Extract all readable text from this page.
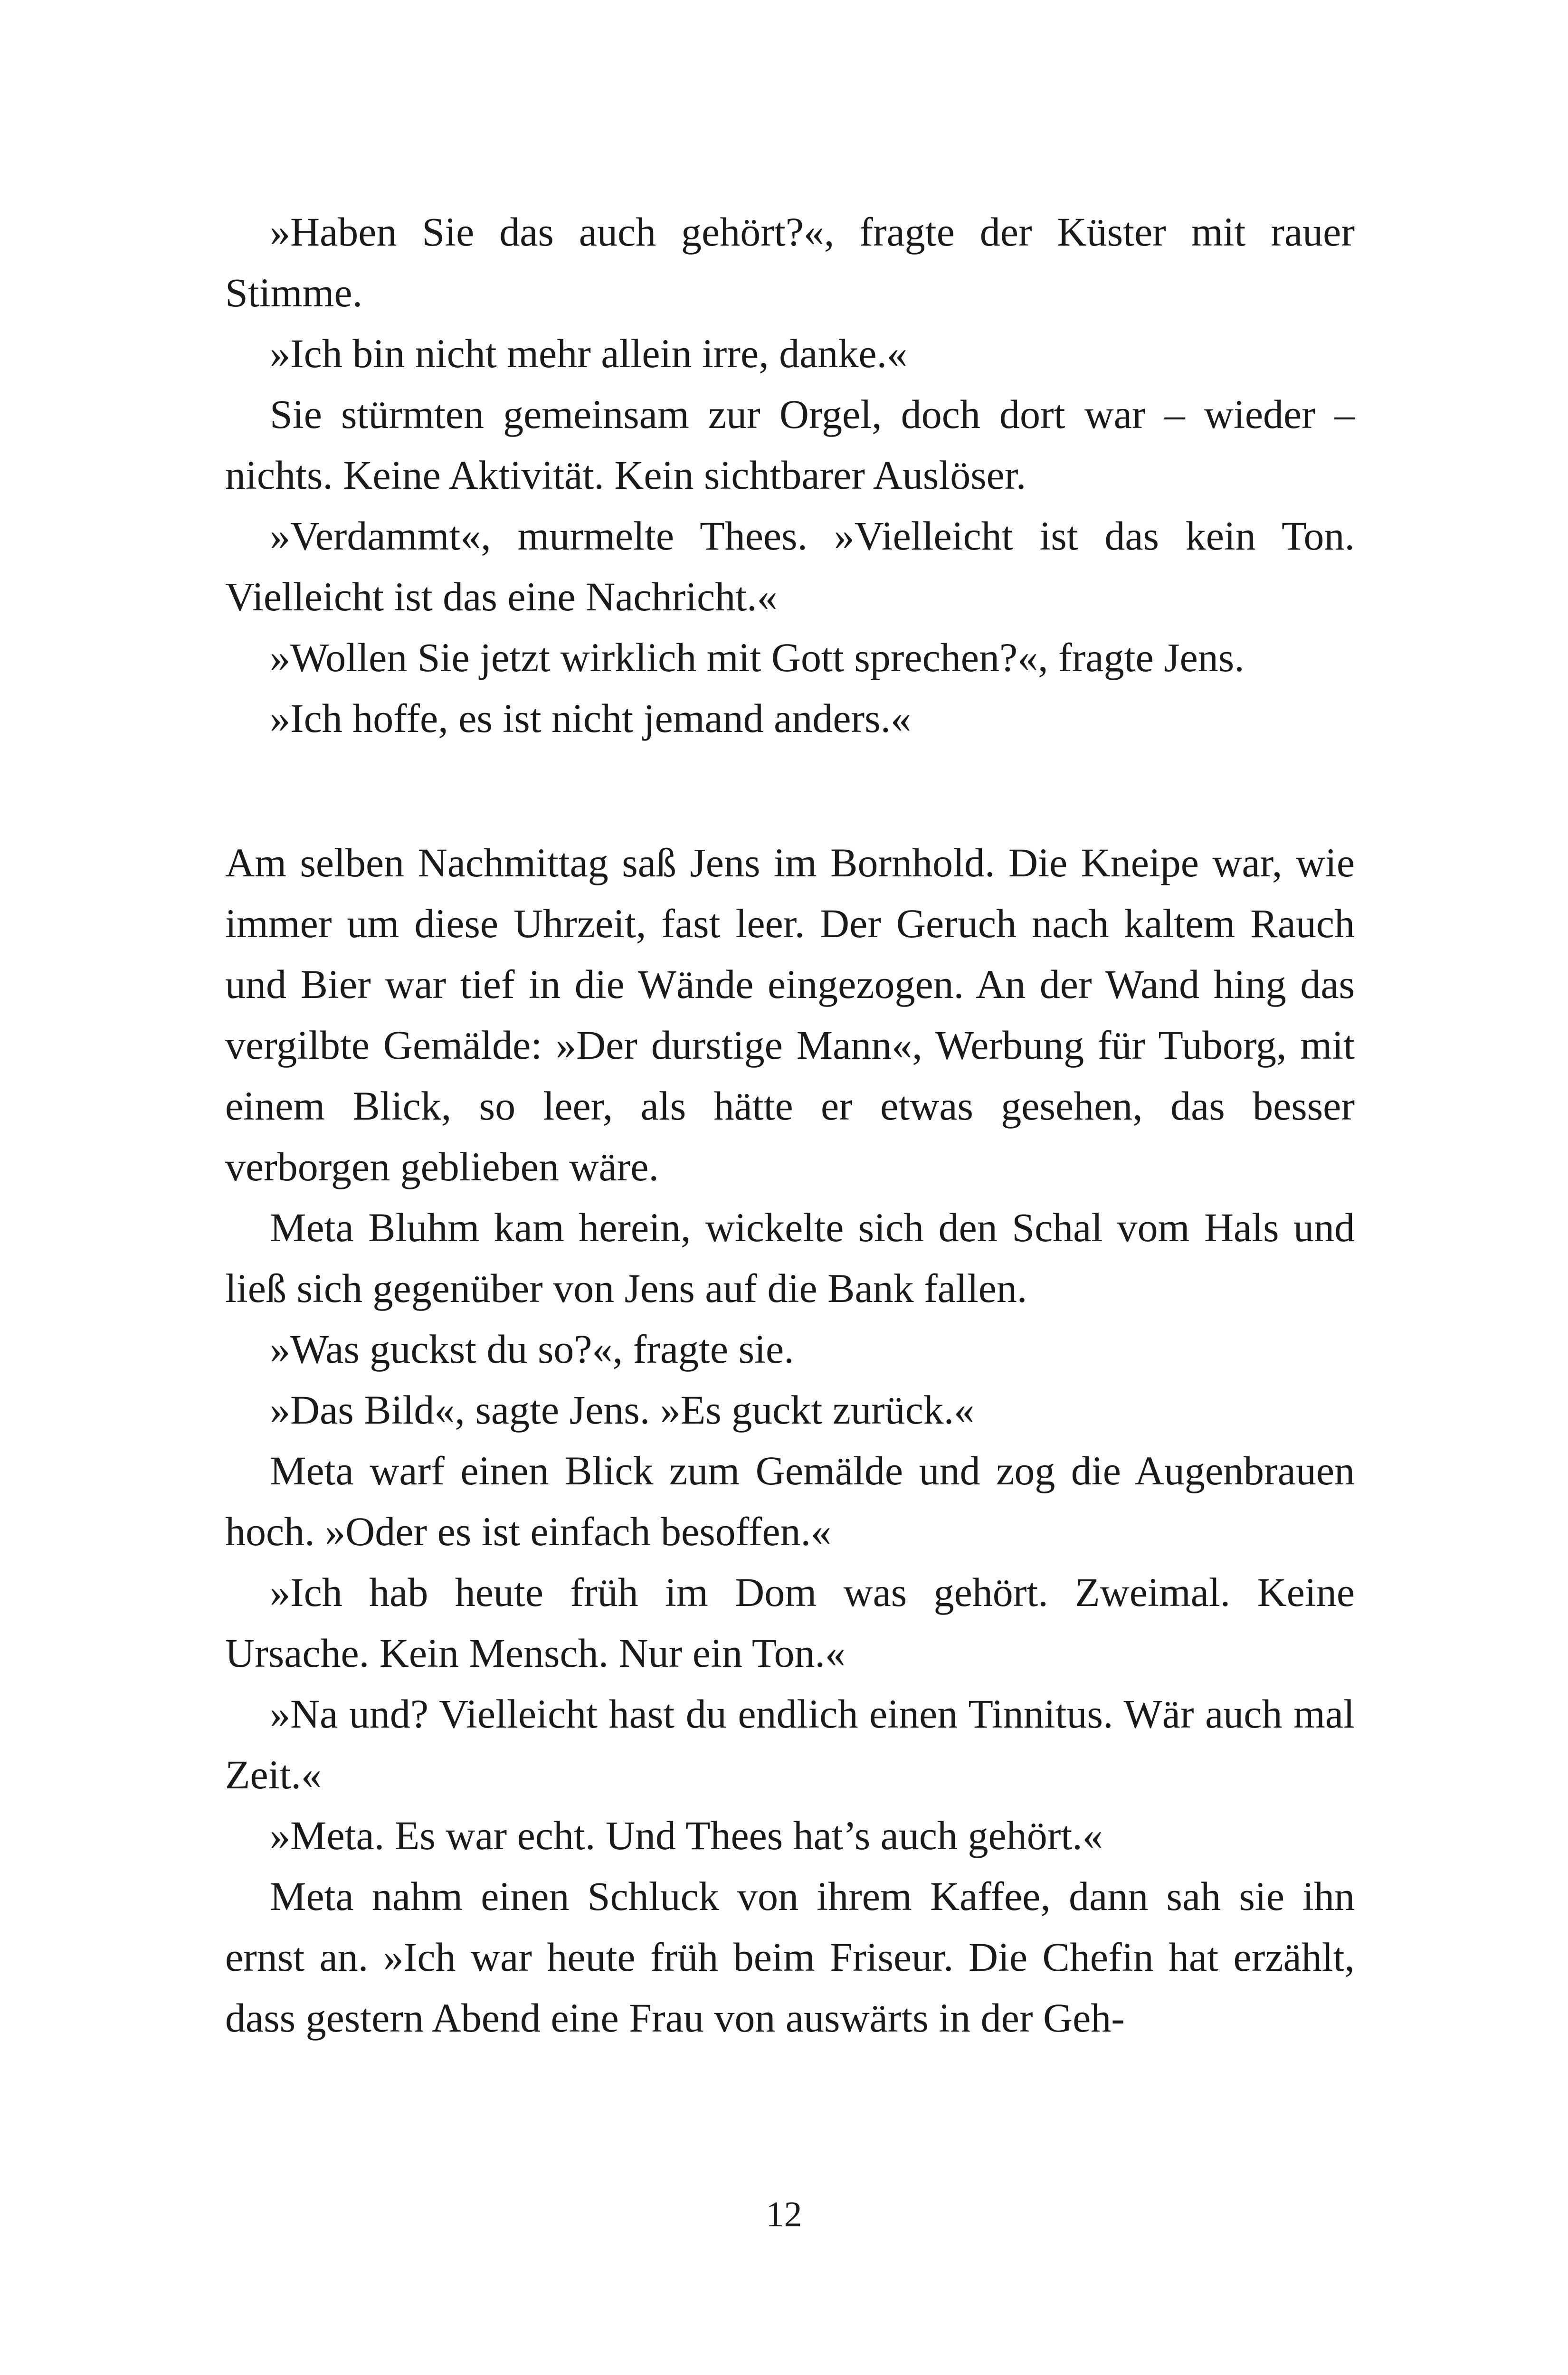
»Haben Sie das auch gehört?«, fragte der Küster mit rauer Stimme.

»Ich bin nicht mehr allein irre, danke.«

Sie stürmten gemeinsam zur Orgel, doch dort war – wieder – nichts. Keine Aktivität. Kein sichtbarer Auslöser.

»Verdammt«, murmelte Thees. »Vielleicht ist das kein Ton. Vielleicht ist das eine Nachricht.«

»Wollen Sie jetzt wirklich mit Gott sprechen?«, fragte Jens.

»Ich hoffe, es ist nicht jemand anders.«

Am selben Nachmittag saß Jens im Bornhold. Die Kneipe war, wie immer um diese Uhrzeit, fast leer. Der Geruch nach kaltem Rauch und Bier war tief in die Wände eingezogen. An der Wand hing das vergilbte Gemälde: »Der durstige Mann«, Werbung für Tuborg, mit einem Blick, so leer, als hätte er etwas gesehen, das besser verborgen geblieben wäre.

Meta Bluhm kam herein, wickelte sich den Schal vom Hals und ließ sich gegenüber von Jens auf die Bank fallen.

»Was guckst du so?«, fragte sie.

»Das Bild«, sagte Jens. »Es guckt zurück.«

Meta warf einen Blick zum Gemälde und zog die Augenbrauen hoch. »Oder es ist einfach besoffen.«

»Ich hab heute früh im Dom was gehört. Zweimal. Keine Ursache. Kein Mensch. Nur ein Ton.«

»Na und? Vielleicht hast du endlich einen Tinnitus. Wär auch mal Zeit.«

»Meta. Es war echt. Und Thees hat’s auch gehört.«

Meta nahm einen Schluck von ihrem Kaffee, dann sah sie ihn ernst an. »Ich war heute früh beim Friseur. Die Chefin hat erzählt, dass gestern Abend eine Frau von auswärts in der Geh-

12
